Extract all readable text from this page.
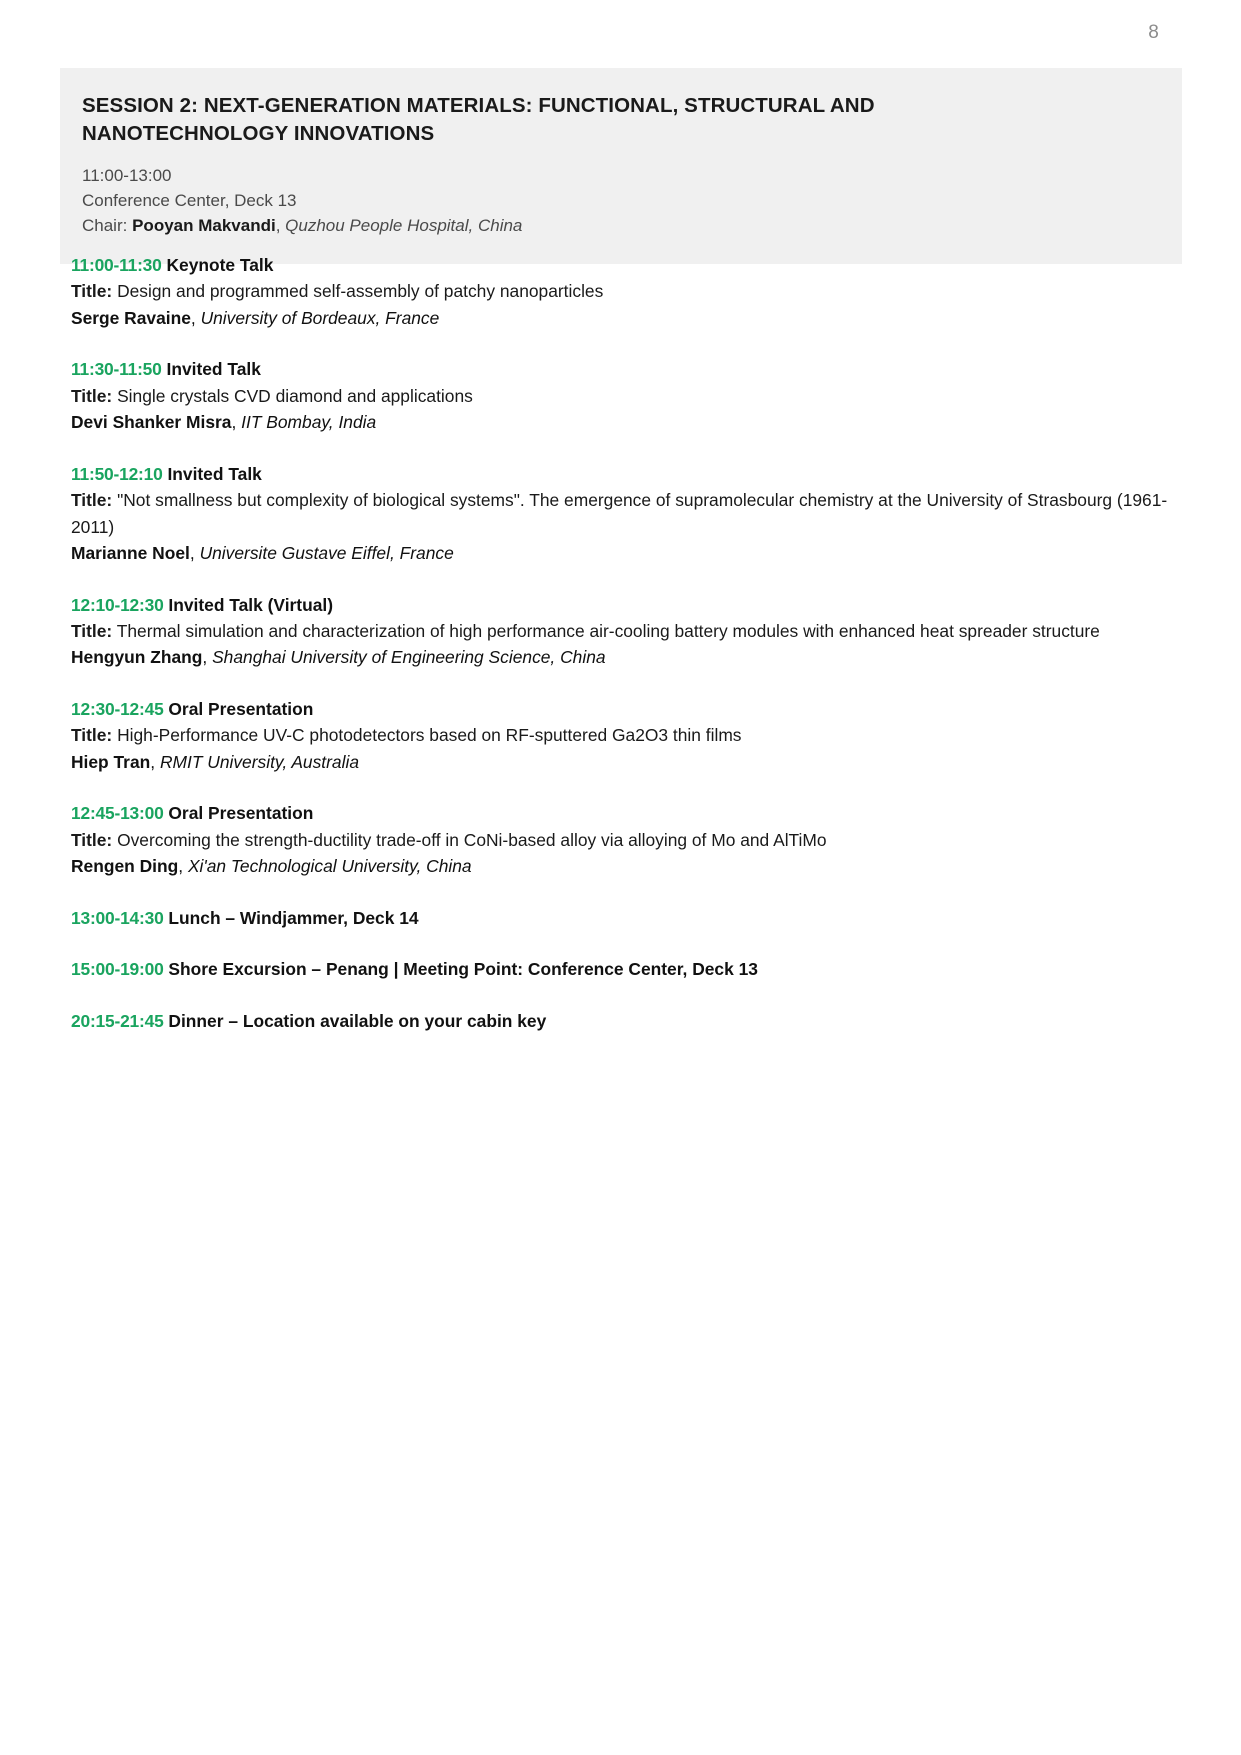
8
SESSION 2: NEXT-GENERATION MATERIALS: FUNCTIONAL, STRUCTURAL AND NANOTECHNOLOGY INNOVATIONS
11:00-13:00
Conference Center, Deck 13
Chair: Pooyan Makvandi, Quzhou People Hospital, China
11:00-11:30 Keynote Talk
Title: Design and programmed self-assembly of patchy nanoparticles
Serge Ravaine, University of Bordeaux, France
11:30-11:50 Invited Talk
Title: Single crystals CVD diamond and applications
Devi Shanker Misra, IIT Bombay, India
11:50-12:10 Invited Talk
Title: "Not smallness but complexity of biological systems". The emergence of supramolecular chemistry at the University of Strasbourg (1961-2011)
Marianne Noel, Universite Gustave Eiffel, France
12:10-12:30 Invited Talk (Virtual)
Title: Thermal simulation and characterization of high performance air-cooling battery modules with enhanced heat spreader structure
Hengyun Zhang, Shanghai University of Engineering Science, China
12:30-12:45 Oral Presentation
Title: High-Performance UV-C photodetectors based on RF-sputtered Ga2O3 thin films
Hiep Tran, RMIT University, Australia
12:45-13:00 Oral Presentation
Title: Overcoming the strength-ductility trade-off in CoNi-based alloy via alloying of Mo and AlTiMo
Rengen Ding, Xi'an Technological University, China
13:00-14:30 Lunch – Windjammer, Deck 14
15:00-19:00 Shore Excursion – Penang | Meeting Point: Conference Center, Deck 13
20:15-21:45 Dinner – Location available on your cabin key
